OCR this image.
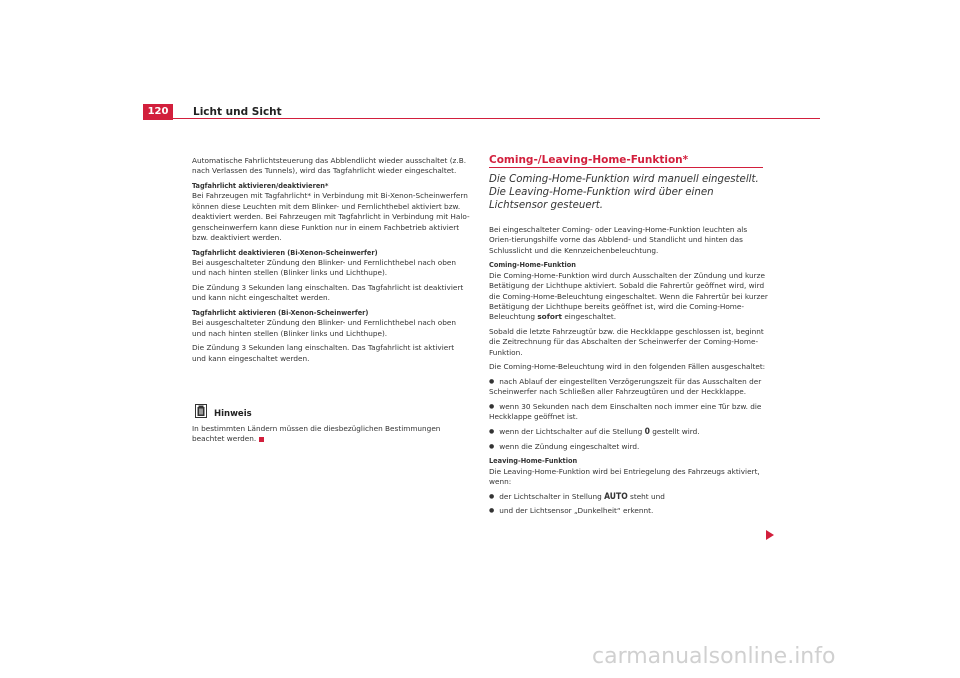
120	Licht und Sicht

Automatische Fahrlichtsteuerung das Abblendlicht wieder ausschaltet (z.B. nach Verlassen des Tunnels), wird das Tagfahrlicht wieder eingeschaltet.

Tagfahrlicht aktivieren/deaktivieren*

Bei Fahrzeugen mit Tagfahrlicht* in Verbindung mit Bi-Xenon-Scheinwerfern können diese Leuchten mit dem Blinker- und Fernlichthebel aktiviert bzw. deaktiviert werden. Bei Fahrzeugen mit Tagfahrlicht in Verbindung mit Halo-genscheinwerfern kann diese Funktion nur in einem Fachbetrieb aktiviert bzw. deaktiviert werden.

Tagfahrlicht deaktivieren (Bi-Xenon-Scheinwerfer)

Bei ausgeschalteter Zündung den Blinker- und Fernlichthebel nach oben und nach hinten stellen (Blinker links und Lichthupe).

Die Zündung 3 Sekunden lang einschalten. Das Tagfahrlicht ist deaktiviert und kann nicht eingeschaltet werden.

Tagfahrlicht aktivieren (Bi-Xenon-Scheinwerfer)

Bei ausgeschalteter Zündung den Blinker- und Fernlichthebel nach oben und nach hinten stellen (Blinker links und Lichthupe).

Die Zündung 3 Sekunden lang einschalten. Das Tagfahrlicht ist aktiviert und kann eingeschaltet werden.

Hinweis
In bestimmten Ländern müssen die diesbezüglichen Bestimmungen beachtet werden.
Coming-/Leaving-Home-Funktion*
Die Coming-Home-Funktion wird manuell eingestellt. Die Leaving-Home-Funktion wird über einen Lichtsensor gesteuert.

Bei eingeschalteter Coming- oder Leaving-Home-Funktion leuchten als Orien-tierungshilfe vorne das Abblend- und Standlicht und hinten das Schlusslicht und die Kennzeichenbeleuchtung.

Coming-Home-Funktion

Die Coming-Home-Funktion wird durch Ausschalten der Zündung und kurze Betätigung der Lichthupe aktiviert. Sobald die Fahrertür geöffnet wird, wird die Coming-Home-Beleuchtung eingeschaltet. Wenn die Fahrertür bei kurzer Betätigung der Lichthupe bereits geöffnet ist, wird die Coming-Home-Beleuchtung sofort eingeschaltet.

Sobald die letzte Fahrzeugtür bzw. die Heckklappe geschlossen ist, beginnt die Zeitrechnung für das Abschalten der Scheinwerfer der Coming-Home-Funktion.

Die Coming-Home-Beleuchtung wird in den folgenden Fällen ausgeschaltet:

● nach Ablauf der eingestellten Verzögerungszeit für das Ausschalten der Scheinwerfer nach Schließen aller Fahrzeugtüren und der Heckklappe.
● wenn 30 Sekunden nach dem Einschalten noch immer eine Tür bzw. die Heckklappe geöffnet ist.
● wenn der Lichtschalter auf die Stellung 0 gestellt wird.
● wenn die Zündung eingeschaltet wird.

Leaving-Home-Funktion

Die Leaving-Home-Funktion wird bei Entriegelung des Fahrzeugs aktiviert, wenn:

● der Lichtschalter in Stellung AUTO steht und
● und der Lichtsensor „Dunkelheit“ erkennt.
carmanualsonline.info
